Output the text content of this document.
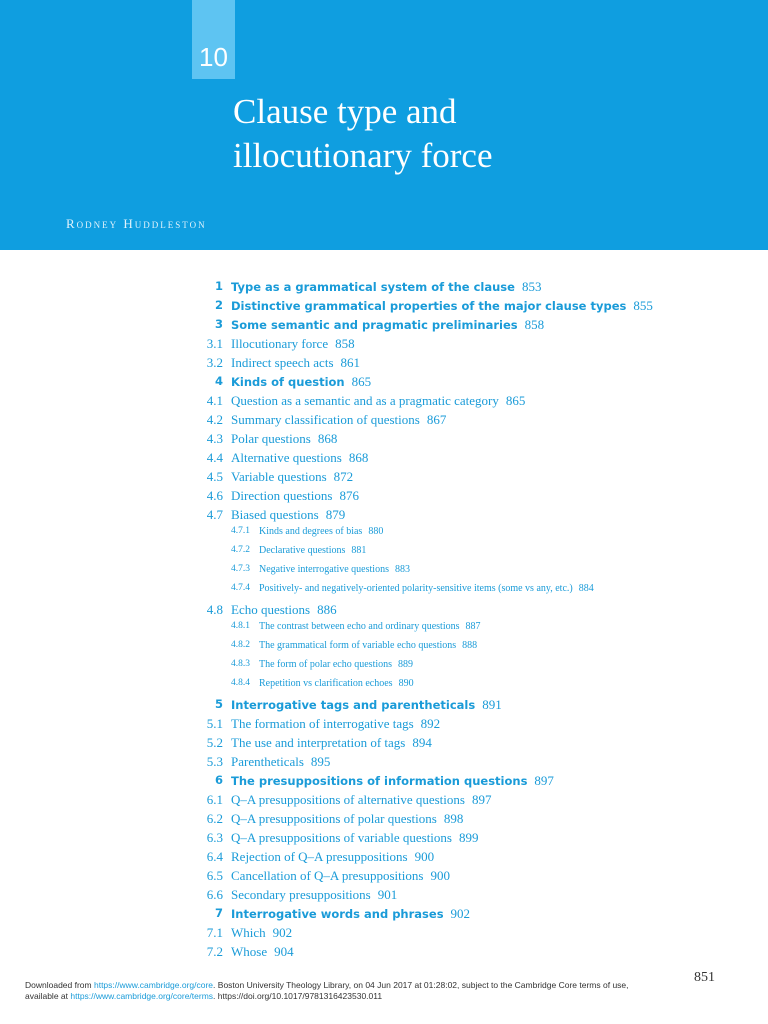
10
Clause type and
illocutionary force
Rodney Huddleston
1 Type as a grammatical system of the clause 853
2 Distinctive grammatical properties of the major clause types 855
3 Some semantic and pragmatic preliminaries 858
3.1 Illocutionary force 858
3.2 Indirect speech acts 861
4 Kinds of question 865
4.1 Question as a semantic and as a pragmatic category 865
4.2 Summary classification of questions 867
4.3 Polar questions 868
4.4 Alternative questions 868
4.5 Variable questions 872
4.6 Direction questions 876
4.7 Biased questions 879
4.7.1 Kinds and degrees of bias 880
4.7.2 Declarative questions 881
4.7.3 Negative interrogative questions 883
4.7.4 Positively- and negatively-oriented polarity-sensitive items (some vs any, etc.) 884
4.8 Echo questions 886
4.8.1 The contrast between echo and ordinary questions 887
4.8.2 The grammatical form of variable echo questions 888
4.8.3 The form of polar echo questions 889
4.8.4 Repetition vs clarification echoes 890
5 Interrogative tags and parentheticals 891
5.1 The formation of interrogative tags 892
5.2 The use and interpretation of tags 894
5.3 Parentheticals 895
6 The presuppositions of information questions 897
6.1 Q–A presuppositions of alternative questions 897
6.2 Q–A presuppositions of polar questions 898
6.3 Q–A presuppositions of variable questions 899
6.4 Rejection of Q–A presuppositions 900
6.5 Cancellation of Q–A presuppositions 900
6.6 Secondary presuppositions 901
7 Interrogative words and phrases 902
7.1 Which 902
7.2 Whose 904
Downloaded from https://www.cambridge.org/core. Boston University Theology Library, on 04 Jun 2017 at 01:28:02, subject to the Cambridge Core terms of use,
available at https://www.cambridge.org/core/terms. https://doi.org/10.1017/9781316423530.011
851
